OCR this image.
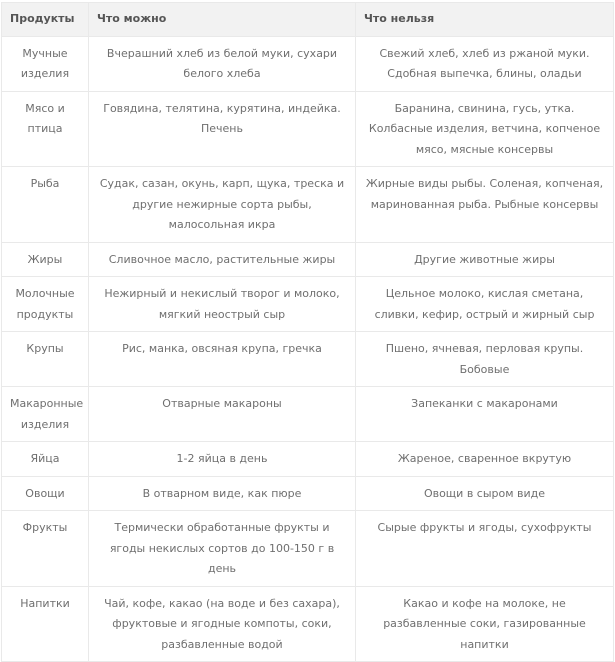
Продукты	Что можно	Что нельзя
Мучные изделия	Вчерашний хлеб из белой муки, сухари белого хлеба	Свежий хлеб, хлеб из ржаной муки. Сдобная выпечка, блины, оладьи
Мясо и птица	Говядина, телятина, курятина, индейка. Печень	Баранина, свинина, гусь, утка. Колбасные изделия, ветчина, копченое мясо, мясные консервы
Рыба	Судак, сазан, окунь, карп, щука, треска и другие нежирные сорта рыбы, малосольная икра	Жирные виды рыбы. Соленая, копченая, маринованная рыба. Рыбные консервы
Жиры	Сливочное масло, растительные жиры	Другие животные жиры
Молочные продукты	Нежирный и некислый творог и молоко, мягкий неострый сыр	Цельное молоко, кислая сметана, сливки, кефир, острый и жирный сыр
Крупы	Рис, манка, овсяная крупа, гречка	Пшено, ячневая, перловая крупы. Бобовые
Макаронные изделия	Отварные макароны	Запеканки с макаронами
Яйца	1-2 яйца в день	Жареное, сваренное вкрутую
Овощи	В отварном виде, как пюре	Овощи в сыром виде
Фрукты	Термически обработанные фрукты и ягоды некислых сортов до 100-150 г в день	Сырые фрукты и ягоды, сухофрукты
Напитки	Чай, кофе, какао (на воде и без сахара), фруктовые и ягодные компоты, соки, разбавленные водой	Какао и кофе на молоке, не разбавленные соки, газированные напитки
